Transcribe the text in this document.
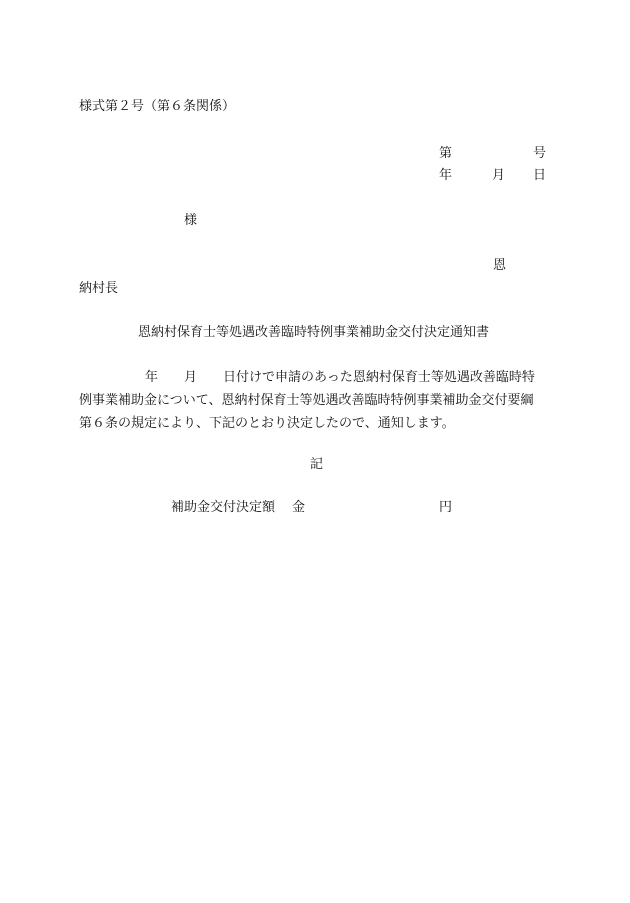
様式第２号（第６条関係）
第	号
年	月 日
様
恩
納村長
恩納村保育士等処遇改善臨時特例事業補助金交付決定通知書

年 月 日付けで申請のあった恩納村保育士等処遇改善臨時特

例事業補助金について、恩納村保育士等処遇改善臨時特例事業補助金交付要綱

第６条の規定により、下記のとおり決定したので、通知します。

記
補助金交付決定額 金	円
